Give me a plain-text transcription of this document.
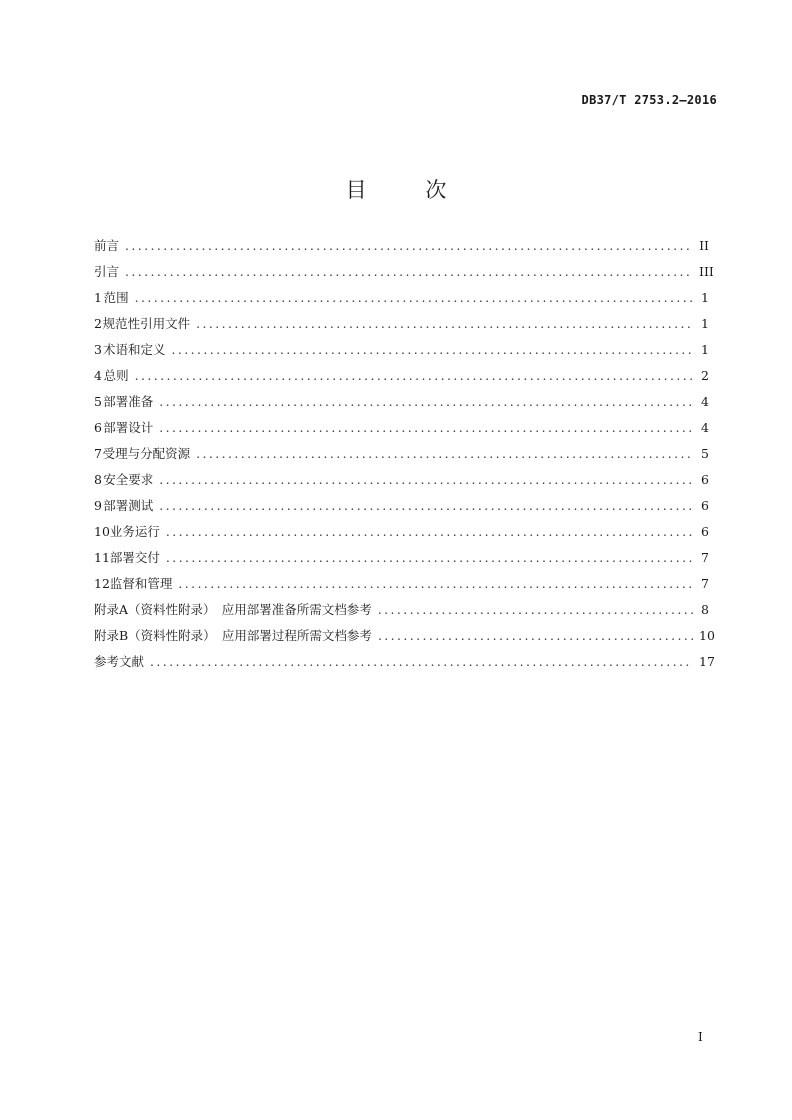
DB37/T 2753.2—2016
目 次
前言 .....	II
引言 .....	III
1 范围 .....	1
2 规范性引用文件 .....	1
3 术语和定义 .....	1
4 总则 .....	2
5 部署准备 .....	4
6 部署设计 .....	4
7 受理与分配资源 .....	5
8 安全要求 .....	6
9 部署测试 .....	6
10 业务运行 .....	6
11 部署交付 .....	7
12 监督和管理 .....	7
附录A（资料性附录）　应用部署准备所需文档参考 .....	8
附录B（资料性附录）　应用部署过程所需文档参考 .....	10
参考文献 .....	17
I
